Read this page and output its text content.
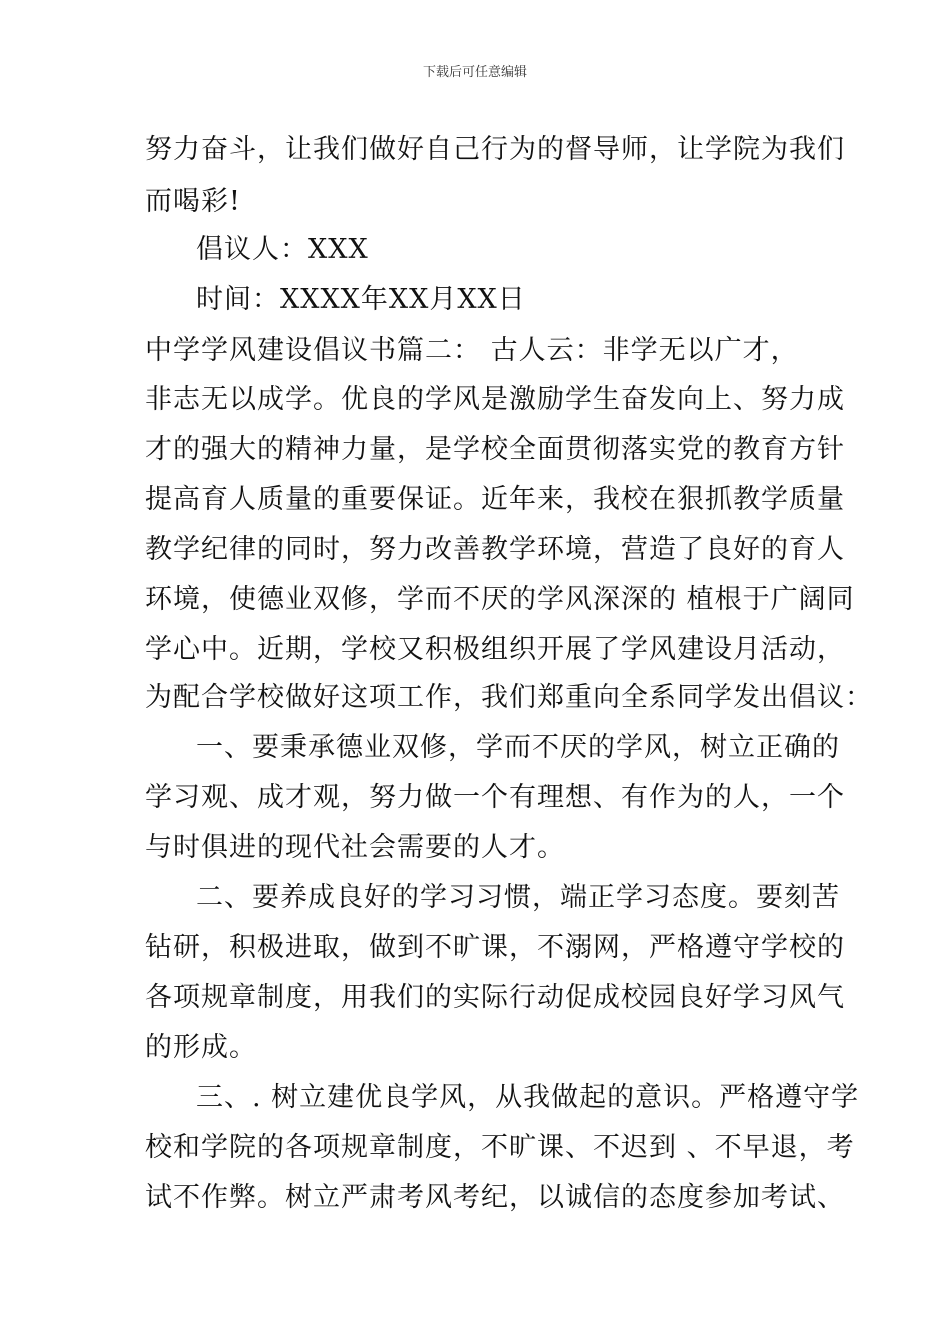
下载后可任意编辑
努力奋斗，让我们做好自己行为的督导师，让学院为我们
而喝彩!
倡议人：XXX
时间：XXXX年XX月XX日
中学学风建设倡议书篇二： 古人云：非学无以广才，
非志无以成学。优良的学风是激励学生奋发向上、努力成
才的强大的精神力量，是学校全面贯彻落实党的教育方针
提高育人质量的重要保证。近年来，我校在狠抓教学质量
教学纪律的同时，努力改善教学环境，营造了良好的育人
环境，使德业双修，学而不厌的学风深深的 植根于广阔同
学心中。近期，学校又积极组织开展了学风建设月活动，
为配合学校做好这项工作，我们郑重向全系同学发出倡议：
一、要秉承德业双修，学而不厌的学风，树立正确的
学习观、成才观，努力做一个有理想、有作为的人，一个
与时俱进的现代社会需要的人才。
二、要养成良好的学习习惯，端正学习态度。要刻苦
钻研，积极进取，做到不旷课，不溺网，严格遵守学校的
各项规章制度，用我们的实际行动促成校园良好学习风气
的形成。
三、. 树立建优良学风，从我做起的意识。严格遵守学
校和学院的各项规章制度，不旷课、不迟到 、不早退，考
试不作弊。树立严肃考风考纪，以诚信的态度参加考试、
